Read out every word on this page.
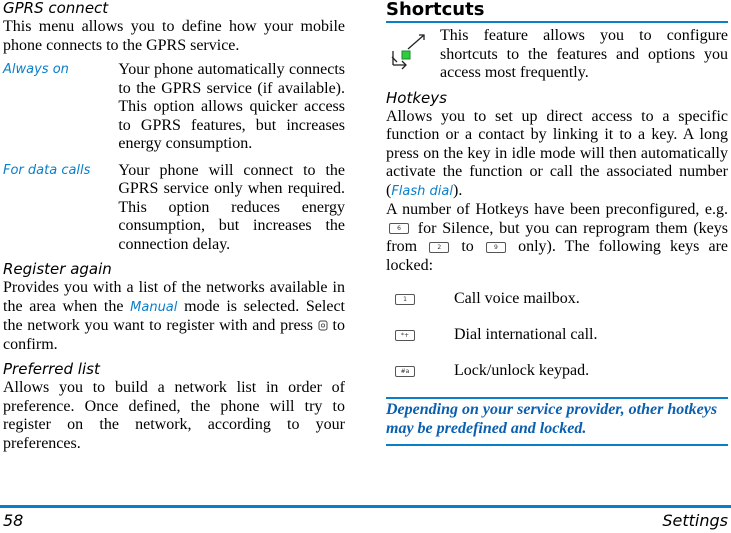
GPRS connect

This menu allows you to define how your mobile phone connects to the GPRS service.

Always on	Your phone automatically connects to the GPRS service (if available). This option allows quicker access to GPRS features, but increases energy consumption.
For data calls	Your phone will connect to the GPRS service only when required. This option reduces energy consumption, but increases the connection delay.

Register again

Provides you with a list of the networks available in the area when the Manual mode is selected. Select the network you want to register with and press  to confirm.

Preferred list

Allows you to build a network list in order of preference. Once defined, the phone will try to register on the network, according to your preferences.

Shortcuts
This feature allows you to configure shortcuts to the features and options you access most frequently.

Hotkeys

Allows you to set up direct access to a specific function or a contact by linking it to a key. A long press on the key in idle mode will then automatically activate the function or call the associated number (Flash dial).
A number of Hotkeys have been preconfigured, e.g. 6 for Silence, but you can reprogram them (keys from 2 to 9 only). The following keys are locked:

1	Call voice mailbox.
*+	Dial international call.
#a	Lock/unlock keypad.
Depending on your service provider, other hotkeys may be predefined and locked.
58	Settings
